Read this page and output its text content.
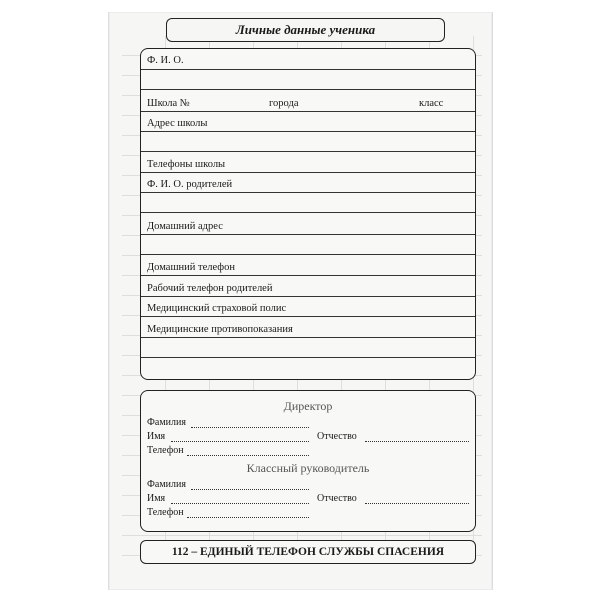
Личные данные ученика
Ф. И. О.
Школа №	города	класс
Адрес школы
Телефоны школы
Ф. И. О. родителей
Домашний адрес
Домашний телефон
Рабочий телефон родителей
Медицинский страховой полис
Медицинские противопоказания
Директор
Фамилия
Имя	Отчество
Телефон
Классный руководитель
Фамилия
Имя	Отчество
Телефон
112 – ЕДИНЫЙ ТЕЛЕФОН СЛУЖБЫ СПАСЕНИЯ
